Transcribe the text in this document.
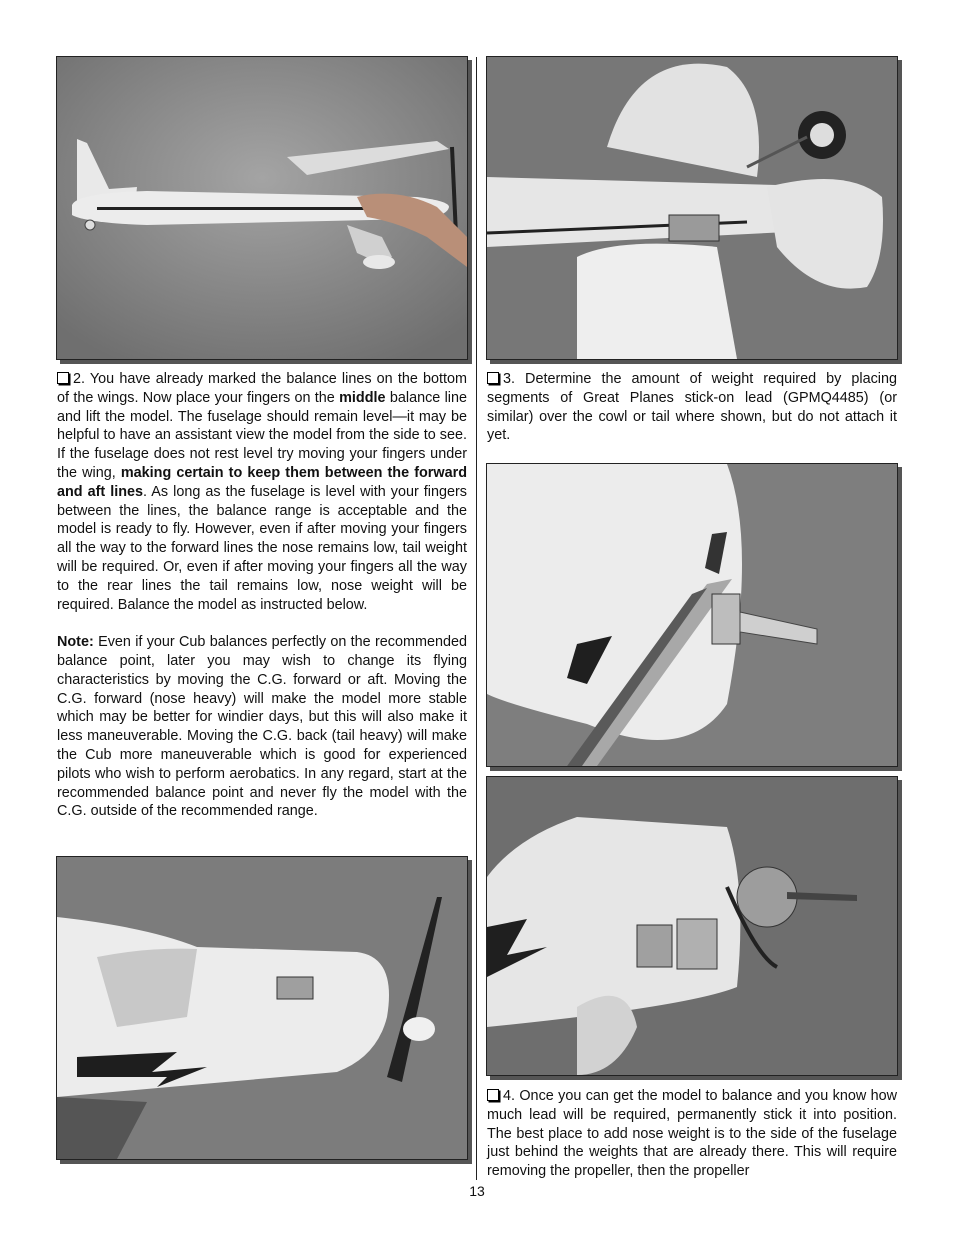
2. You have already marked the balance lines on the bottom of the wings. Now place your fingers on the middle balance line and lift the model. The fuselage should remain level—it may be helpful to have an assistant view the model from the side to see. If the fuselage does not rest level try moving your fingers under the wing, making certain to keep them between the forward and aft lines. As long as the fuselage is level with your fingers between the lines, the balance range is acceptable and the model is ready to fly. However, even if after moving your fingers all the way to the forward lines the nose remains low, tail weight will be required. Or, even if after moving your fingers all the way to the rear lines the tail remains low, nose weight will be required. Balance the model as instructed below.

Note: Even if your Cub balances perfectly on the recommended balance point, later you may wish to change its flying characteristics by moving the C.G. forward or aft. Moving the C.G. forward (nose heavy) will make the model more stable which may be better for windier days, but this will also make it less maneuverable. Moving the C.G. back (tail heavy) will make the Cub more maneuverable which is good for experienced pilots who wish to perform aerobatics. In any regard, start at the recommended balance point and never fly the model with the C.G. outside of the recommended range.

3. Determine the amount of weight required by placing segments of Great Planes stick-on lead (GPMQ4485) (or similar) over the cowl or tail where shown, but do not attach it yet.

4. Once you can get the model to balance and you know how much lead will be required, permanently stick it into position. The best place to add nose weight is to the side of the fuselage just behind the weights that are already there. This will require removing the propeller, then the propeller

13
